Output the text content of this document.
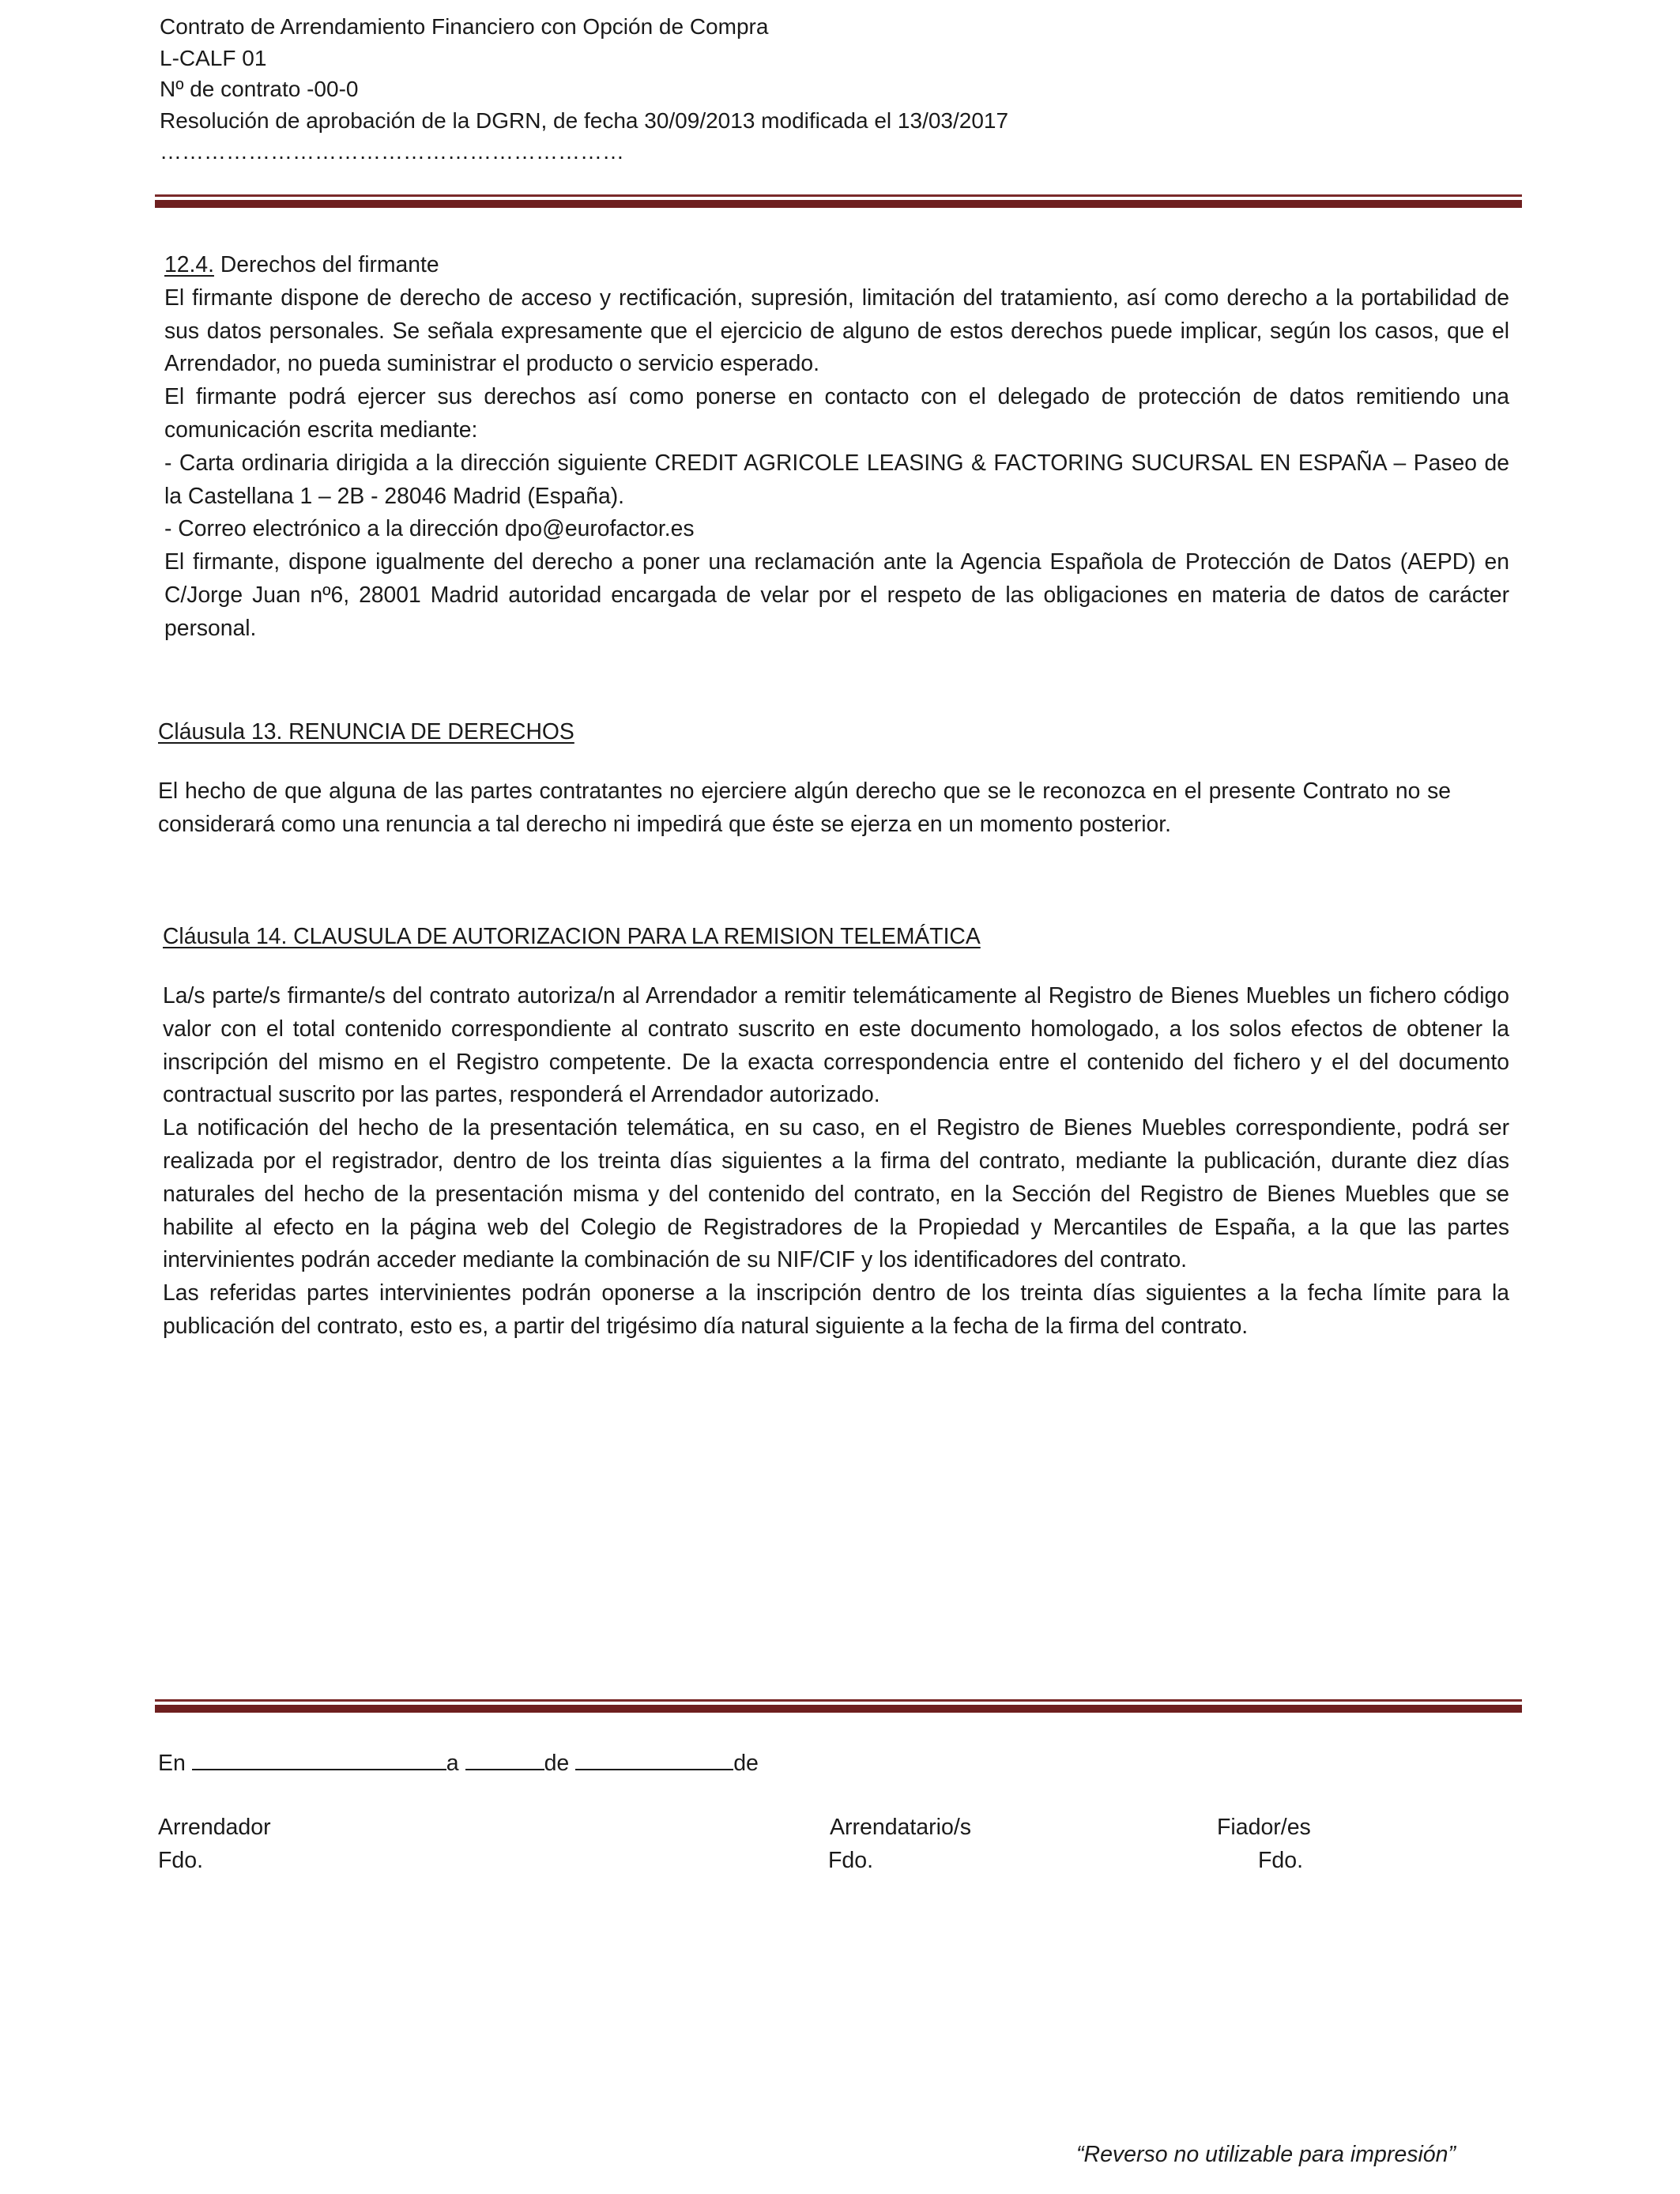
Contrato de Arrendamiento Financiero con Opción de Compra
L-CALF 01
Nº de contrato -00-0
Resolución de aprobación de la DGRN, de fecha 30/09/2013 modificada el 13/03/2017
………………………………………………………

12.4. Derechos del firmante

El firmante dispone de derecho de acceso y rectificación, supresión, limitación del tratamiento, así como derecho a la portabilidad de sus datos personales. Se señala expresamente que el ejercicio de alguno de estos derechos puede implicar, según los casos, que el Arrendador, no pueda suministrar el producto o servicio esperado.

El firmante podrá ejercer sus derechos así como ponerse en contacto con el delegado de protección de datos remitiendo una comunicación escrita mediante:

- Carta ordinaria dirigida a la dirección siguiente CREDIT AGRICOLE LEASING & FACTORING SUCURSAL EN ESPAÑA – Paseo de la Castellana 1 – 2B - 28046 Madrid (España).

- Correo electrónico a la dirección dpo@eurofactor.es

El firmante, dispone igualmente del derecho a poner una reclamación ante la Agencia Española de Protección de Datos (AEPD) en C/Jorge Juan nº6, 28001 Madrid autoridad encargada de velar por el respeto de las obligaciones en materia de datos de carácter personal.

Cláusula 13. RENUNCIA DE DERECHOS

El hecho de que alguna de las partes contratantes no ejerciere algún derecho que se le reconozca en el presente Contrato no se considerará como una renuncia a tal derecho ni impedirá que éste se ejerza en un momento posterior.

Cláusula 14. CLAUSULA DE AUTORIZACION PARA LA REMISION TELEMÁTICA

La/s parte/s firmante/s del contrato autoriza/n al Arrendador a remitir telemáticamente al Registro de Bienes Muebles un fichero código valor con el total contenido correspondiente al contrato suscrito en este documento homologado, a los solos efectos de obtener la inscripción del mismo en el Registro competente. De la exacta correspondencia entre el contenido del fichero y el del documento contractual suscrito por las partes, responderá el Arrendador autorizado.

La notificación del hecho de la presentación telemática, en su caso, en el Registro de Bienes Muebles correspondiente, podrá ser realizada por el registrador, dentro de los treinta días siguientes a la firma del contrato, mediante la publicación, durante diez días naturales del hecho de la presentación misma y del contenido del contrato, en la Sección del Registro de Bienes Muebles que se habilite al efecto en la página web del Colegio de Registradores de la Propiedad y Mercantiles de España, a la que las partes intervinientes podrán acceder mediante la combinación de su NIF/CIF y los identificadores del contrato.

Las referidas partes intervinientes podrán oponerse a la inscripción dentro de los treinta días siguientes a la fecha límite para la publicación del contrato, esto es, a partir del trigésimo día natural siguiente a la fecha de la firma del contrato.

En	a	de	de
Arrendador
Fdo.
Arrendatario/s
Fdo.
Fiador/es
Fdo.
“Reverso no utilizable para impresión”
